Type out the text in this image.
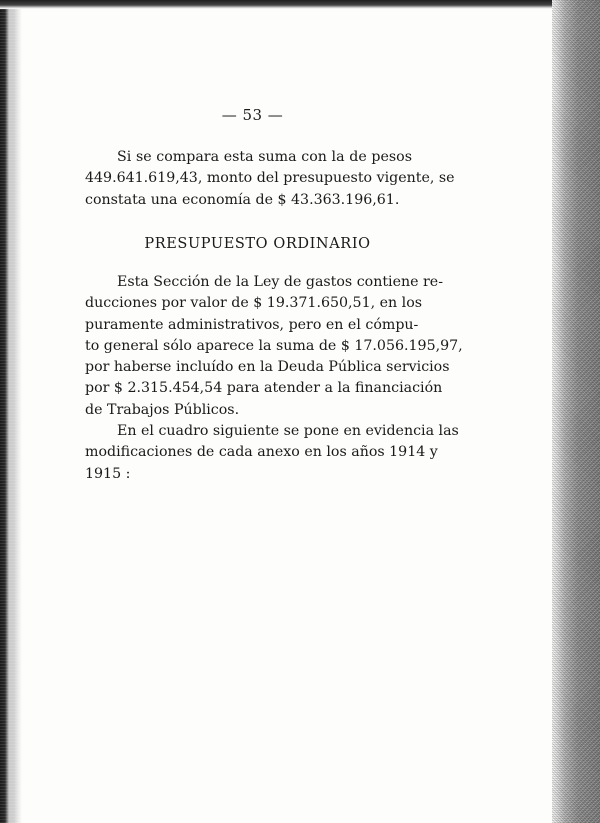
— 53 —

Si se compara esta suma con la de pesos
449.641.619,43, monto del presupuesto vigente, se
constata una economía de $ 43.363.196,61.

PRESUPUESTO ORDINARIO

Esta Sección de la Ley de gastos contiene re-
ducciones por valor de $ 19.371.650,51, en los
puramente administrativos, pero en el cómpu-
to general sólo aparece la suma de $ 17.056.195,97,
por haberse incluído en la Deuda Pública servicios
por $ 2.315.454,54 para atender a la financiación
de Trabajos Públicos.

En el cuadro siguiente se pone en evidencia las
modificaciones de cada anexo en los años 1914 y
1915 :
